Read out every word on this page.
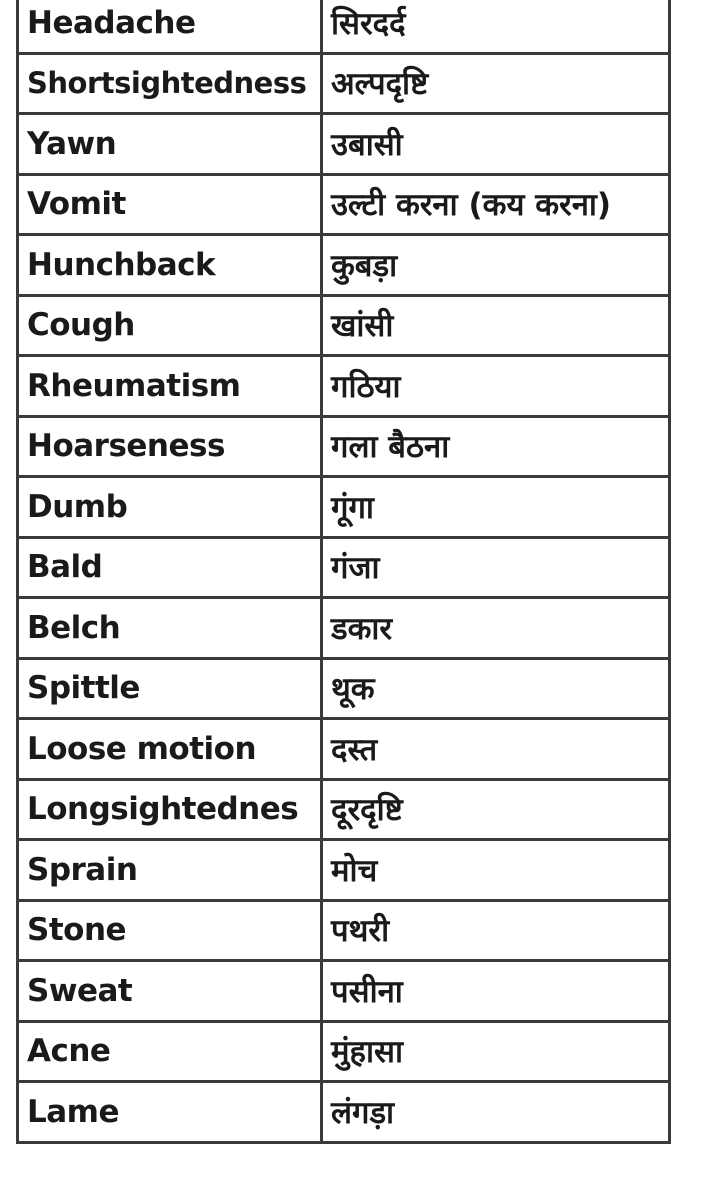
Headache	सिरदर्द
Shortsightedness	अल्पदृष्टि
Yawn	उबासी
Vomit	उल्टी करना (कय करना)
Hunchback	कुबड़ा
Cough	खांसी
Rheumatism	गठिया
Hoarseness	गला बैठना
Dumb	गूंगा
Bald	गंजा
Belch	डकार
Spittle	थूक
Loose motion	दस्त
Longsightednes	दूरदृष्टि
Sprain	मोच
Stone	पथरी
Sweat	पसीना
Acne	मुंहासा
Lame	लंगड़ा
